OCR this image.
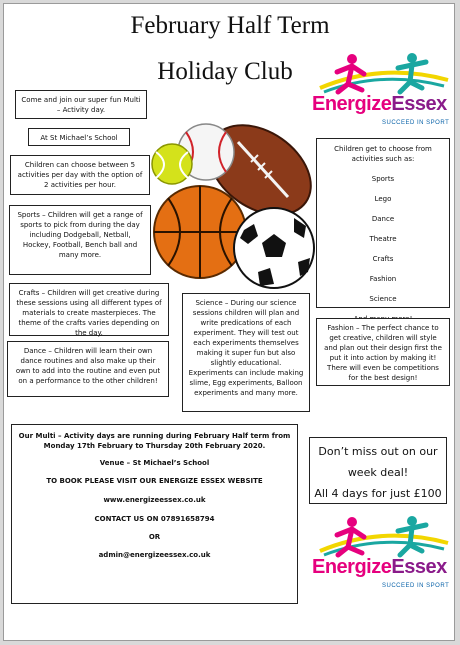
February Half Term
Holiday Club
EnergizeEssex
SUCCEED IN SPORT

Come and join our super fun Multi – Activity day.

At St Michael’s School

Children can choose between 5 activities per day with the option of 2 activities per hour.

Sports – Children will get a range of sports to pick from during the day including Dodgeball, Netball, Hockey, Football, Bench ball and many more.

Crafts – Children will get creative during these sessions using all different types of materials to create masterpieces. The theme of the crafts varies depending on the day.

Dance – Children will learn their own dance routines and also make up their own to add into the routine and even put on a performance to the other children!

Science – During our science sessions children will plan and write predications of each experiment. They will test out each experiments themselves making it super fun but also slightly educational. Experiments can include making slime, Egg experiments, Balloon experiments and many more.

Children get to choose from activities such as:
Sports
Lego
Dance
Theatre
Crafts
Fashion
Science

Fashion – The perfect chance to get creative, children will style and plan out their design first the put it into action by making it! There will even be competitions for the best design!

Our Multi – Activity days are running during February Half term from
Monday 17th February to Thursday 20th February 2020.
Venue – St Michael’s School
TO BOOK PLEASE VISIT OUR ENERGIZE ESSEX WEBSITE
www.energizeessex.co.uk
CONTACT US ON 07891658794
OR
admin@energizeessex.co.uk
Don’t miss out on our
week deal!
All 4 days for just £100
EnergizeEssex
SUCCEED IN SPORT
